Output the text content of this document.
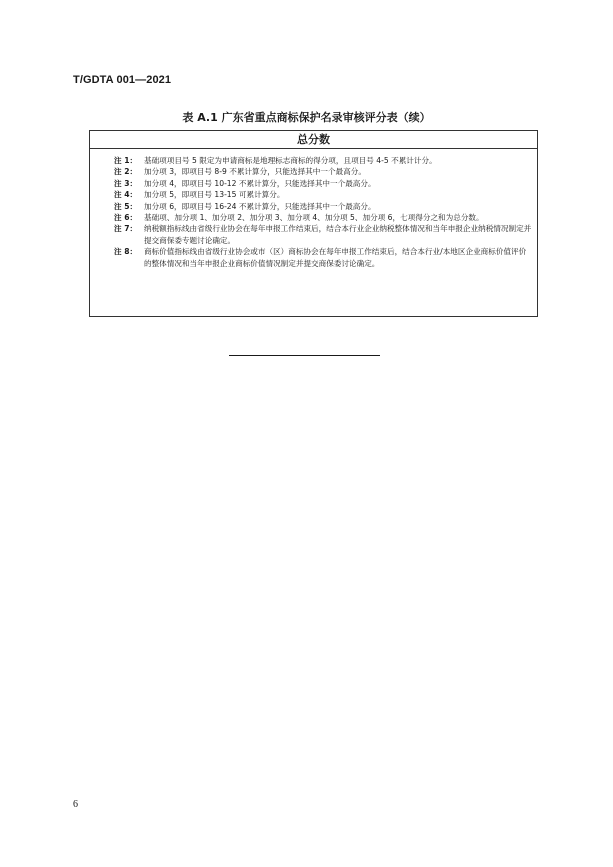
T/GDTA 001—2021
表 A.1 广东省重点商标保护名录审核评分表（续）
总分数
注 1： 基础项项目号 5 限定为申请商标是地理标志商标的得分项，且项目号 4-5 不累计计分。
注 2： 加分项 3，即项目号 8-9 不累计算分，只能选择其中一个最高分。
注 3： 加分项 4，即项目号 10-12 不累计算分，只能选择其中一个最高分。
注 4： 加分项 5，即项目号 13-15 可累计算分。
注 5： 加分项 6，即项目号 16-24 不累计算分，只能选择其中一个最高分。
注 6： 基础项、加分项 1、加分项 2、加分项 3、加分项 4、加分项 5、加分项 6，七项得分之和为总分数。
注 7： 纳税额指标线由省级行业协会在每年申报工作结束后，结合本行业企业纳税整体情况和当年申报企业纳税情况制定并提交商保委专题讨论确定。
注 8： 商标价值指标线由省级行业协会或市（区）商标协会在每年申报工作结束后，结合本行业/本地区企业商标价值评价的整体情况和当年申报企业商标价值情况制定并提交商保委讨论确定。
6
